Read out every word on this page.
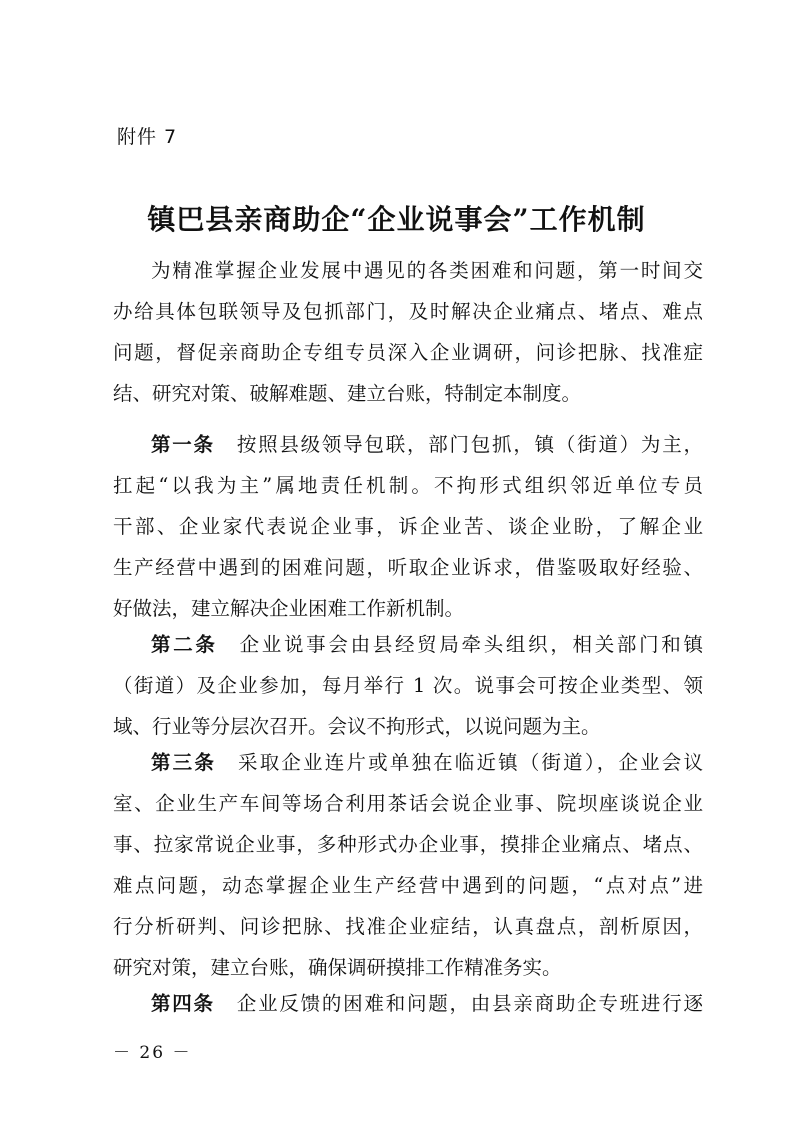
附件 7
镇巴县亲商助企“企业说事会”工作机制
为精准掌握企业发展中遇见的各类困难和问题，第一时间交
办给具体包联领导及包抓部门，及时解决企业痛点、堵点、难点
问题，督促亲商助企专组专员深入企业调研，问诊把脉、找准症
结、研究对策、破解难题、建立台账，特制定本制度。
第一条 按照县级领导包联，部门包抓，镇（街道）为主，
扛起“以我为主”属地责任机制。不拘形式组织邻近单位专员
干部、企业家代表说企业事，诉企业苦、谈企业盼，了解企业
生产经营中遇到的困难问题，听取企业诉求，借鉴吸取好经验、
好做法，建立解决企业困难工作新机制。
第二条 企业说事会由县经贸局牵头组织，相关部门和镇
（街道）及企业参加，每月举行 1 次。说事会可按企业类型、领
域、行业等分层次召开。会议不拘形式，以说问题为主。
第三条 采取企业连片或单独在临近镇（街道），企业会议
室、企业生产车间等场合利用茶话会说企业事、院坝座谈说企业
事、拉家常说企业事，多种形式办企业事，摸排企业痛点、堵点、
难点问题，动态掌握企业生产经营中遇到的问题，“点对点”进
行分析研判、问诊把脉、找准企业症结，认真盘点，剖析原因，
研究对策，建立台账，确保调研摸排工作精准务实。
第四条 企业反馈的困难和问题，由县亲商助企专班进行逐
－ 26 －
